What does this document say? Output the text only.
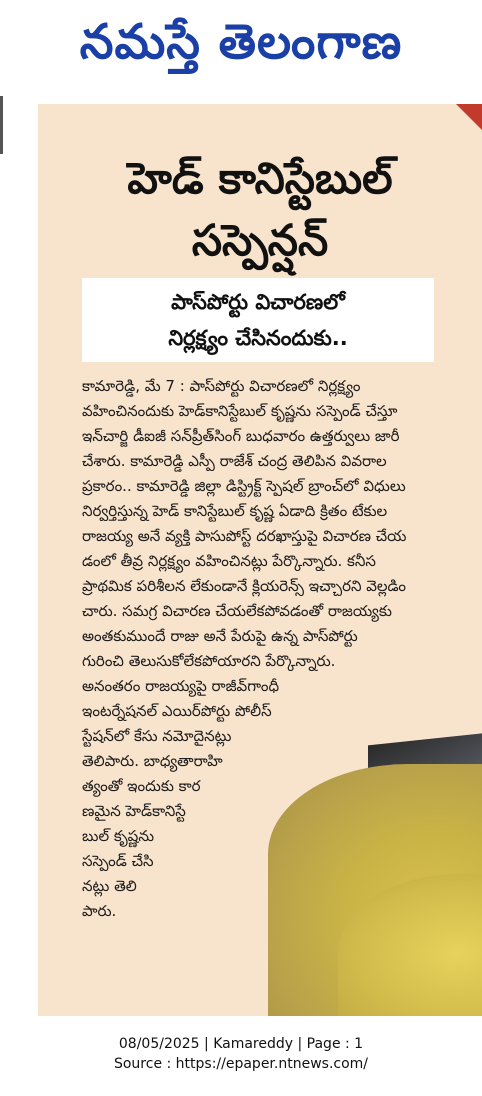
నమస్తే తెలంగాణ
హెడ్ కానిస్టేబుల్
సస్పెన్షన్
పాస్‌పోర్టు విచారణలో
నిర్లక్ష్యం చేసినందుకు..
కామారెడ్డి, మే 7 : పాస్‌పోర్టు విచారణలో నిర్లక్ష్యం
వహించినందుకు హెడ్‌కానిస్టేబుల్ కృష్ణను సస్పెండ్ చేస్తూ
ఇన్‌చార్జి డీఐజీ సన్‌ప్రీత్‌సింగ్ బుధవారం ఉత్తర్వులు జారీ
చేశారు. కామారెడ్డి ఎస్పీ రాజేశ్ చంద్ర తెలిపిన వివరాల
ప్రకారం.. కామారెడ్డి జిల్లా డిస్ట్రిక్ట్ స్పెషల్ బ్రాంచ్‌లో విధులు
నిర్వర్తిస్తున్న హెడ్ కానిస్టేబుల్ కృష్ణ ఏడాది క్రితం టేకుల
రాజయ్య అనే వ్యక్తి పాసుపోస్ట్ దరఖాస్తుపై విచారణ చేయ
డంలో తీవ్ర నిర్లక్ష్యం వహించినట్లు పేర్కొన్నారు. కనీస
ప్రాథమిక పరిశీలన లేకుండానే క్లియరెన్స్ ఇచ్చారని వెల్లడిం
చారు. సమగ్ర విచారణ చేయలేకపోవడంతో రాజయ్యకు
అంతకుముందే రాజు అనే పేరుపై ఉన్న పాస్‌పోర్టు
గురించి తెలుసుకోలేకపోయారని పేర్కొన్నారు.
అనంతరం రాజయ్యపై రాజీవ్‌గాంధీ
ఇంటర్నేషనల్ ఎయిర్‌పోర్టు పోలీస్
స్టేషన్‌లో కేసు నమోదైనట్లు
తెలిపారు. బాధ్యతారాహి
త్యంతో ఇందుకు కార
ణమైన హెడ్‌కానిస్టే
బుల్ కృష్ణను
సస్పెండ్ చేసి
నట్లు తెలి
పారు.
08/05/2025 | Kamareddy | Page : 1
Source : https://epaper.ntnews.com/
